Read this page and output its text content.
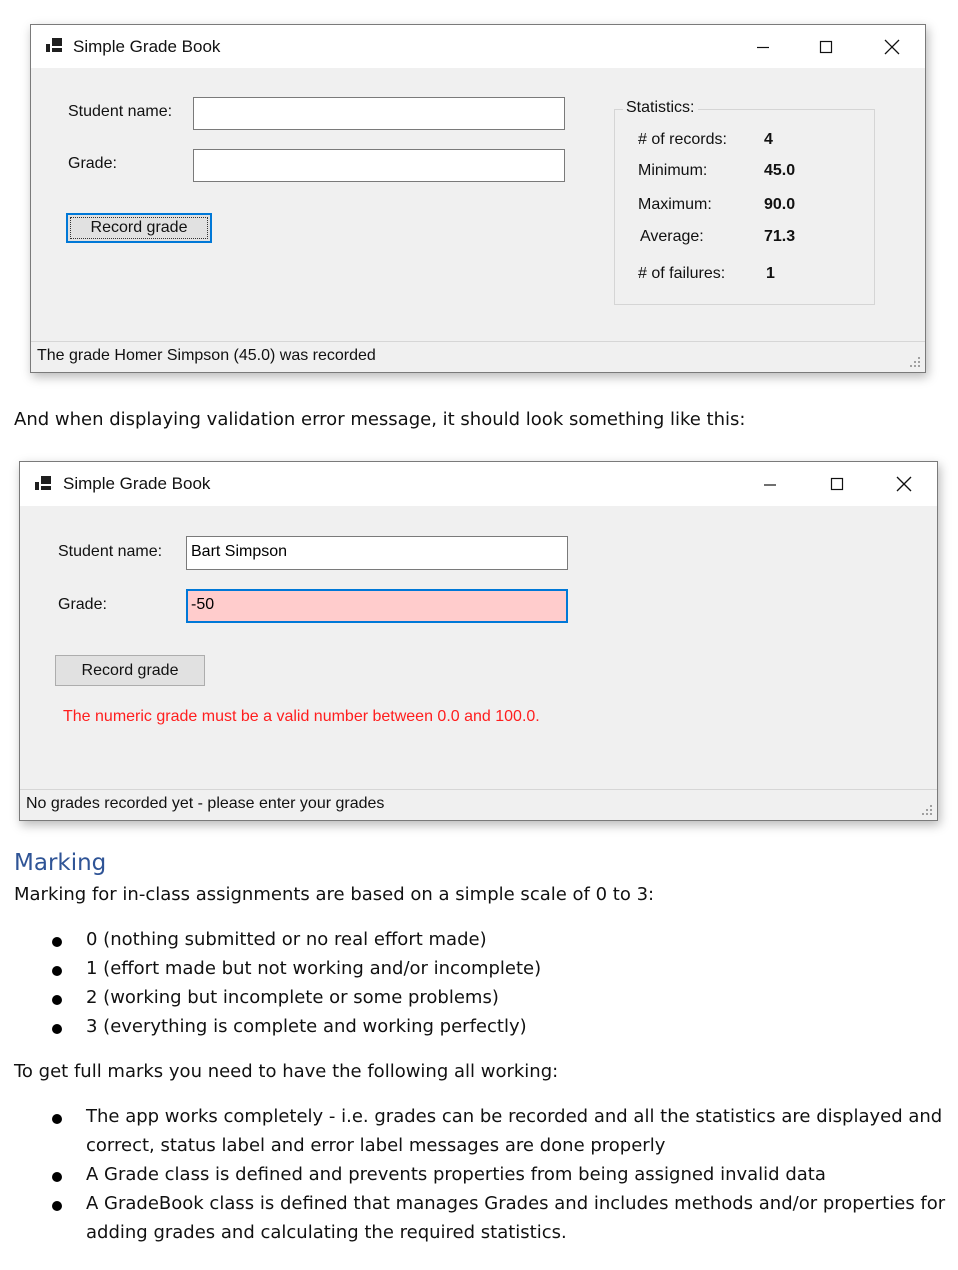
Simple Grade Book
Student name:
Grade:
Record grade
Statistics:
# of records: 4
Minimum:	45.0
Maximum:	90.0
Average:	71.3
# of failures:	1
The grade Homer Simpson (45.0) was recorded
And when displaying validation error message, it should look something like this:
Simple Grade Book
Student name:	Bart Simpson
Grade:	-50
Record grade
The numeric grade must be a valid number between 0.0 and 100.0.
No grades recorded yet - please enter your grades
Marking
Marking for in-class assignments are based on a simple scale of 0 to 3:
0 (nothing submitted or no real effort made)
1 (effort made but not working and/or incomplete)
2 (working but incomplete or some problems)
3 (everything is complete and working perfectly)
To get full marks you need to have the following all working:
The app works completely - i.e. grades can be recorded and all the statistics are displayed and
correct, status label and error label messages are done properly
A Grade class is defined and prevents properties from being assigned invalid data
A GradeBook class is defined that manages Grades and includes methods and/or properties for
adding grades and calculating the required statistics.
